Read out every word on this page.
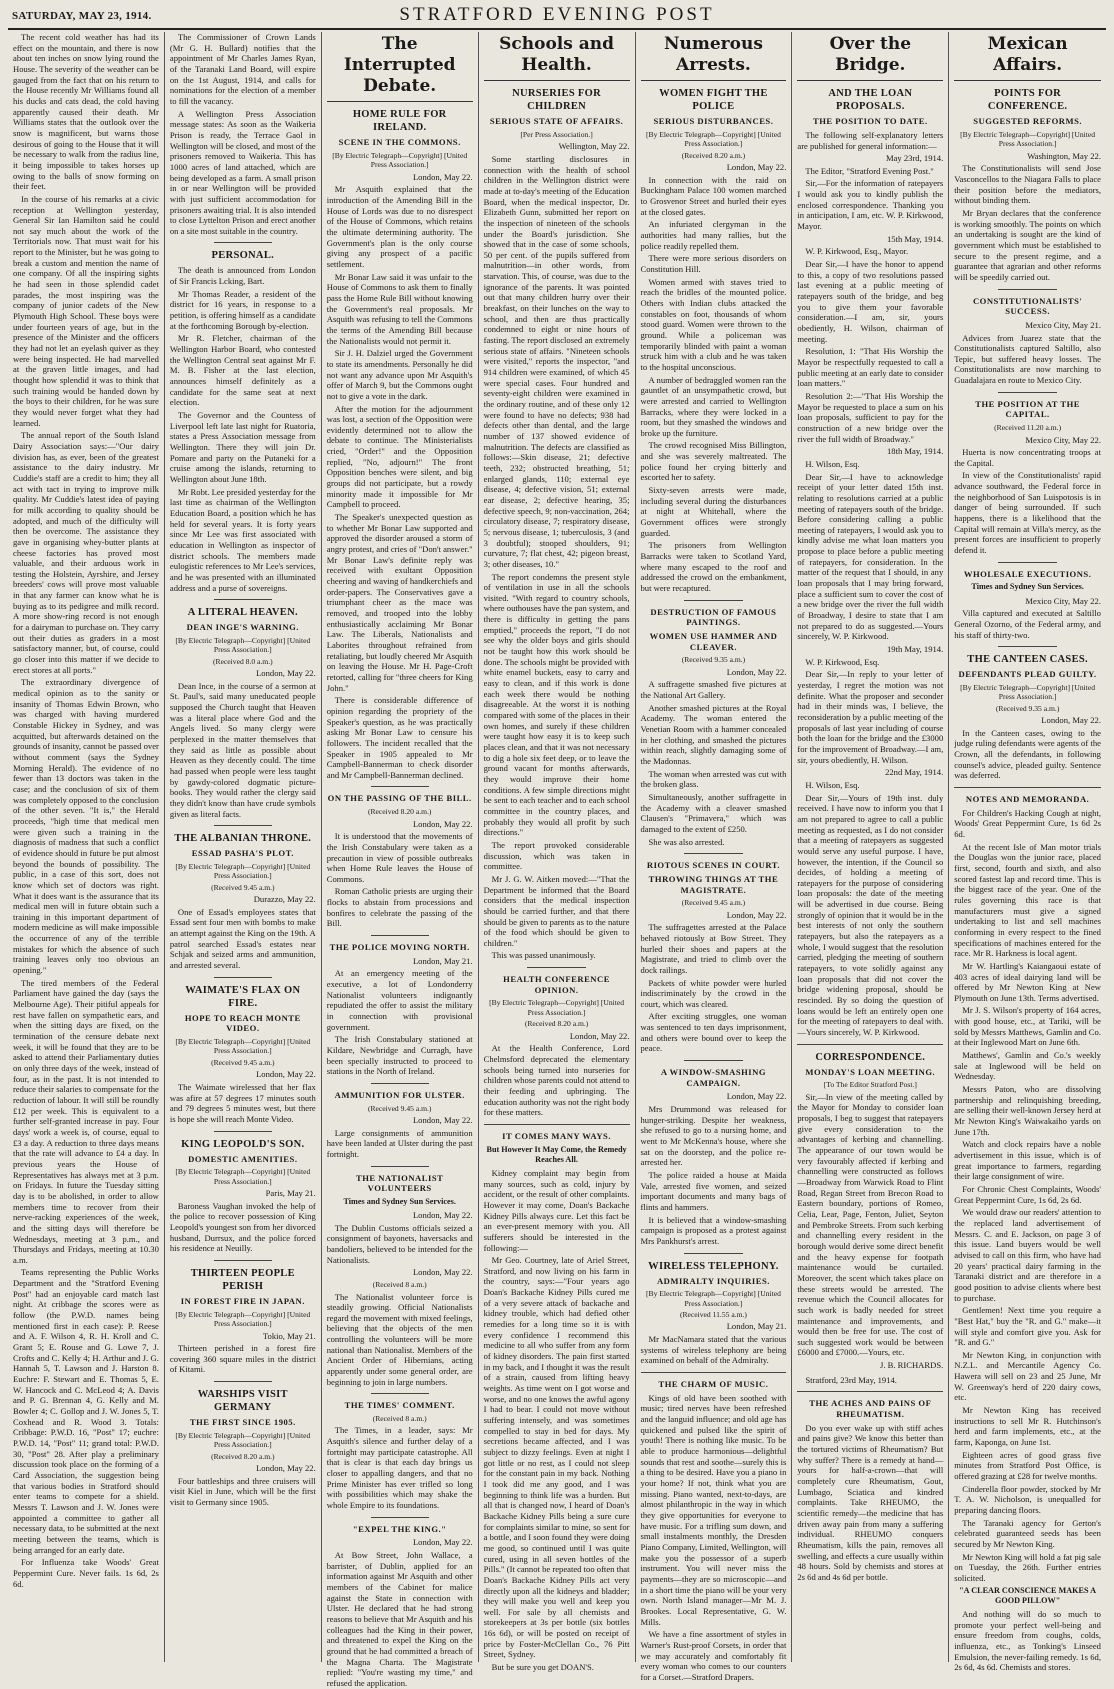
SATURDAY, MAY 23, 1914.	STRATFORD EVENING POST

The recent cold weather has had its effect on the mountain, and there is now about ten inches on snow lying round the House. The severity of the weather can be gauged from the fact that on his return to the House recently Mr Williams found all his ducks and cats dead, the cold having apparently caused their death. Mr Williams states that the outlook over the snow is magnificent, but warns those desirous of going to the House that it will be necessary to walk from the radius line, it being impossible to takes horses up owing to the balls of snow forming on their feet.

In the course of his remarks at a civic reception at Wellington yesterday, General Sir Ian Hamilton said he could not say much about the work of the Territorials now. That must wait for his report to the Minister, but he was going to break a custom and mention the name of one company. Of all the inspiring sights he had seen in those splendid cadet parades, the most inspiring was the company of junior cadets of the New Plymouth High School. These boys were under fourteen years of age, but in the presence of the Minister and the officers they had not let an eyelash quiver as they were being inspected. He had marvelled at the graven little images, and had thought how splendid it was to think that such training would be handed down by the boys to their children, for he was sure they would never forget what they had learned.

The annual report of the South Island Dairy Association says:—"Our dairy division has, as ever, been of the greatest assistance to the dairy industry. Mr Cuddie's staff are a credit to him; they all act with tact in trying to improve milk quality. Mr Cuddie's latest idea of paying for milk according to quality should be adopted, and much of the difficulty will then be overcome. The assistance they gave in organising whey-butter plants at cheese factories has proved most valuable, and their arduous work in testing the Holstein, Ayrshire, and Jersey breeders' cows will prove most valuable in that any farmer can know what he is buying as to its pedigree and milk record. A more show-ring record is not enough for a dairyman to purchase on. They carry out their duties as graders in a most satisfactory manner, but, of course, could go closer into this matter if we decide to erect stores at all ports."

The extraordinary divergence of medical opinion as to the sanity or insanity of Thomas Edwin Brown, who was charged with having murdered Constable Hickey in Sydney, and was acquitted, but afterwards detained on the grounds of insanity, cannot be passed over without comment (says the Sydney Morning Herald). The evidence of no fewer than 13 doctors was taken in the case; and the conclusion of six of them was completely opposed to the conclusion of the other seven. "It is," the Herald proceeds, "high time that medical men were given such a training in the diagnosis of madness that such a conflict of evidence should in future be put almost beyond the bounds of possibility. The public, in a case of this sort, does not know which set of doctors was right. What it does want is the assurance that its medical men will in future obtain such a training in this important department of modern medicine as will make impossible the occurrence of any of the terrible mistakes for which the absence of such training leaves only too obvious an opening."

The tired members of the Federal Parliament have gained the day (says the Melbourne Age). Their pitiful appeals for rest have fallen on sympathetic ears, and when the sitting days are fixed, on the termination of the censure debate next week, it will be found that they are to be asked to attend their Parliamentary duties on only three days of the week, instead of four, as in the past. It is not intended to reduce their salaries to compensate for the reduction of labour. It will still be roundly £12 per week. This is equivalent to a further self-granted increase in pay. Four days' work a week is, of course, equal to £3 a day. A reduction to three days means that the rate will advance to £4 a day. In previous years the House of Representatives has always met at 3 p.m. on Fridays. In future the Tuesday sitting day is to be abolished, in order to allow members time to recover from their nerve-racking experiences of the week, and the sitting days will therefore be Wednesdays, meeting at 3 p.m., and Thursdays and Fridays, meeting at 10.30 a.m.

Teams representing the Public Works Department and the "Stratford Evening Post" had an enjoyable card match last night. At cribbage the scores were as follow (the P.W.D. names being mentioned first in each case): P. Reese and A. F. Wilson 4, R. H. Kroll and C. Grant 5; E. Rouse and G. Lowe 7, J. Crofts and C. Kelly 4; H. Arthur and J. G. Hannah 5, T. Lawson and J. Harston 8. Euchre: F. Stewart and E. Thomas 5, E. W. Hancock and C. McLeod 4; A. Davis and P. G. Brennan 4, G. Kelly and M. Bowler 4; C. Gollop and J. W. Jones 5, T. Coxhead and R. Wood 3. Totals: Cribbage: P.W.D. 16, "Post" 17; euchre: P.W.D. 14, "Post" 11; grand total: P.W.D. 30, "Post" 28. After play a preliminary discussion took place on the forming of a Card Association, the suggestion being that various bodies in Stratford should enter teams to compete for a shield. Messrs T. Lawson and J. W. Jones were appointed a committee to gather all necessary data, to be submitted at the next meeting between the teams, which is being arranged for an early date.

For Influenza take Woods' Great Peppermint Cure. Never fails. 1s 6d, 2s 6d.

The Commissioner of Crown Lands (Mr G. H. Bullard) notifies that the appointment of Mr Charles James Ryan, of the Taranaki Land Board, will expire on the 1st August, 1914, and calls for nominations for the election of a member to fill the vacancy.

A Wellington Press Association message states: As soon as the Waikeria Prison is ready, the Terrace Gaol in Wellington will be closed, and most of the prisoners removed to Waikeria. This has 1000 acres of land attached, which are being developed as a farm. A small prison in or near Wellington will be provided with just sufficient accommodation for prisoners awaiting trial. It is also intended to close Lyttelton Prison and erect another on a site most suitable in the country.

PERSONAL.

The death is announced from London of Sir Francis Lcking, Bart.

Mr Thomas Reader, a resident of the district for 16 years, in response to a petition, is offering himself as a candidate at the forthcoming Borough by-election.

Mr R. Fletcher, chairman of the Wellington Harbor Board, who contested the Wellington Central seat against Mr F. M. B. Fisher at the last election, announces himself definitely as a candidate for the same seat at next election.

The Governor and the Countess of Liverpool left late last night for Ruatoria, states a Press Association message from Wellington. There they will join Dr. Pomare and party on the Putaneki for a cruise among the islands, returning to Wellington about June 18th.

Mr Robt. Lee presided yesterday for the last time as chairman of the Wellington Education Board, a position which he has held for several years. It is forty years since Mr Lee was first associated with education in Wellington as inspector of district schools. The members made eulogistic references to Mr Lee's services, and he was presented with an illuminated address and a purse of sovereigns.

A LITERAL HEAVEN.
DEAN INGE'S WARNING.
[By Electric Telegraph—Copyright] [United Press Association.]
(Received 8.0 a.m.)
London, May 22.

Dean Ince, in the course of a sermon at St. Paul's, said many uneducated people supposed the Church taught that Heaven was a literal place where God and the Angels lived. So many clergy were perplexed in the matter themselves that they said as little as possible about Heaven as they decently could. The time had passed when people were less taught by gawdy-colored dogmatic picture-books. They would rather the clergy said they didn't know than have crude symbols given as literal facts.

THE ALBANIAN THRONE.
ESSAD PASHA'S PLOT.
[By Electric Telegraph—Copyright] [United Press Association.]
(Received 9.45 a.m.)
Durazzo, May 22.

One of Essad's employees states that Essad sent four men with bombs to make an attempt against the King on the 19th. A patrol searched Essad's estates near Schjak and seized arms and ammunition, and arrested several.

WAIMATE'S FLAX ON FIRE.
HOPE TO REACH MONTE VIDEO.
[By Electric Telegraph—Copyright] [United Press Association.]
(Received 9.45 a.m.)
London, May 22.

The Waimate wirelessed that her flax was afire at 57 degrees 17 minutes south and 79 degrees 5 minutes west, but there is hope she will reach Monte Video.

KING LEOPOLD'S SON.
DOMESTIC AMENITIES.
[By Electric Telegraph—Copyright] [United Press Association.]
Paris, May 21.

Baroness Vaughan invoked the help of the police to recover possession of King Leopold's youngest son from her divorced husband, Durrsux, and the police forced his residence at Neuilly.

THIRTEEN PEOPLE PERISH
IN FOREST FIRE IN JAPAN.
[By Electric Telegraph—Copyright] [United Press Association.]
Tokio, May 21.

Thirteen perished in a forest fire covering 360 square miles in the district of Kitami.

WARSHIPS VISIT GERMANY
THE FIRST SINCE 1905.
[By Electric Telegraph—Copyright] [United Press Association.]
(Received 8.20 a.m.)
London, May 22.

Four battleships and three cruisers will visit Kiel in June, which will be the first visit to Germany since 1905.

The Interrupted Debate.
HOME RULE FOR IRELAND.
SCENE IN THE COMMONS.
[By Electric Telegraph—Copyright] [United Press Association.]
London, May 22.

Mr Asquith explained that the introduction of the Amending Bill in the House of Lords was due to no disrespect of the House of Commons, which retains the ultimate determining authority. The Government's plan is the only course giving any prospect of a pacific settlement.

Mr Bonar Law said it was unfair to the House of Commons to ask them to finally pass the Home Rule Bill without knowing the Government's real proposals. Mr Asquith was refusing to tell the Commons the terms of the Amending Bill because the Nationalists would not permit it.

Sir J. H. Dalziel urged the Government to state its amendments. Personally he did not want any advance upon Mr Asquith's offer of March 9, but the Commons ought not to give a vote in the dark.

After the motion for the adjournment was lost, a section of the Opposition were evidently determined not to allow the debate to continue. The Ministerialists cried, "Order!" and the Opposition replied, "No, adjourn!" The front Opposition benches were silent, and big groups did not participate, but a rowdy minority made it impossible for Mr Campbell to proceed.

The Speaker's unexpected question as to whether Mr Bonar Law supported and approved the disorder aroused a storm of angry protest, and cries of "Don't answer." Mr Bonar Law's definite reply was received with exultant Opposition cheering and waving of handkerchiefs and order-papers. The Conservatives gave a triumphant cheer as the mace was removed, and trooped into the lobby enthusiastically acclaiming Mr Bonar Law. The Liberals, Nationalists and Laborites throughout refrained from retaliating, but loudly cheered Mr Asquith on leaving the House. Mr H. Page-Croft retorted, calling for "three cheers for King John."

There is considerable difference of opinion regarding the propriety of the Speaker's question, as he was practically asking Mr Bonar Law to censure his followers. The incident recalled that the Speaker in 1905 appealed to Mr Campbell-Bannerman to check disorder and Mr Campbell-Bannerman declined.

ON THE PASSING OF THE BILL.
(Received 8.20 a.m.)
London, May 22.

It is understood that the movements of the Irish Constabulary were taken as a precaution in view of possible outbreaks when Home Rule leaves the House of Commons.

Roman Catholic priests are urging their flocks to abstain from processions and bonfires to celebrate the passing of the Bill.

THE POLICE MOVING NORTH.
London, May 21.

At an emergency meeting of the executive, a lot of Londonderry Nationalist volunteers indignantly repudiated the offer to assist the military in connection with provisional government.

The Irish Constabulary stationed at Kildare, Newbridge and Curragh, have been specially instructed to proceed to stations in the North of Ireland.

AMMUNITION FOR ULSTER.
(Received 9.45 a.m.)
London, May 22.

Large consignments of ammunition have been landed at Ulster during the past fortnight.

THE NATIONALIST VOLUNTEERS
Times and Sydney Sun Services.
London, May 22.

The Dublin Customs officials seized a consignment of bayonets, haversacks and bandoliers, believed to be intended for the Nationalists.

London, May 22.
(Received 8 a.m.)

The Nationalist volunteer force is steadily growing. Official Nationalists regard the movement with mixed feelings, believing that the objects of the men controlling the volunteers will be more national than Nationalist. Members of the Ancient Order of Hibernians, acting apparently under some general order, are beginning to join in large numbers.

THE TIMES' COMMENT.
(Received 8 a.m.)

The Times, in a leader, says: Mr Asquith's silence and further delay of a fortnight may participate catastrophe. All that is clear is that each day brings us closer to appalling dangers, and that no Prime Minister has ever trifled so long with possibilities which may shake the whole Empire to its foundations.

"EXPEL THE KING."
London, May 22.

At Bow Street, John Wallace, a barrister, of Dublin, applied for an information against Mr Asquith and other members of the Cabinet for malice against the State in connection with Ulster. He declared that he had strong reasons to believe that Mr Asquith and his colleagues had the King in their power, and threatened to expel the King on the ground that he had committed a breach of the Magna Charta. The Magistrate replied: "You're wasting my time," and refused the application.

Schools and Health.
NURSERIES FOR CHILDREN
SERIOUS STATE OF AFFAIRS.
[Per Press Association.]
Wellington, May 22.

Some startling disclosures in connection with the health of school children in the Wellington district were made at to-day's meeting of the Education Board, when the medical inspector, Dr. Elizabeth Gunn, submitted her report on the inspection of nineteen of the schools under the Board's jurisdiction. She showed that in the case of some schools, 50 per cent. of the pupils suffered from malnutrition—in other words, from starvation. This, of course, was due to the ignorance of the parents. It was pointed out that many children hurry over their breakfast, on their lunches on the way to school, and then are thus practically condemned to eight or nine hours of fasting. The report disclosed an extremely serious state of affairs. "Nineteen schools were visited," reports the inspector, "and 914 children were examined, of which 45 were special cases. Four hundred and seventy-eight children were examined in the ordinary routine, and of these only 12 were found to have no defects; 938 had defects other than dental, and the large number of 137 showed evidence of malnutrition. The defects are classified as follows:—Skin disease, 21; defective teeth, 232; obstructed breathing, 51; enlarged glands, 110; external eye disease, 4; defective vision, 51; external ear disease, 2; defective hearing, 35; defective speech, 9; non-vaccination, 264; circulatory disease, 7; respiratory disease, 5; nervous disease, 1; tuberculosis, 3 (and 3 doubtful); stooped shoulders, 91; curvature, 7; flat chest, 42; pigeon breast, 3; other diseases, 10."

The report condemns the present style of ventilation in use in all the schools visited. "With regard to country schools, where outhouses have the pan system, and there is difficulty in getting the pans emptied," proceeds the report, "I do not see why the older boys and girls should not be taught how this work should be done. The schools might be provided with white enamel buckets, easy to carry and easy to clean, and if this work is done each week there would be nothing disagreeable. At the worst it is nothing compared with some of the places in their own homes, and surely if these children were taught how easy it is to keep such places clean, and that it was not necessary to dig a hole six feet deep, or to leave the ground vacant for months afterwards, they would improve their home conditions. A few simple directions might be sent to each teacher and to each school committee in the country places, and probably they would all profit by such directions."

The report provoked considerable discussion, which was taken in committee.

Mr J. G. W. Aitken moved:—"That the Department be informed that the Board considers that the medical inspection should be carried further, and that there should be given to parents as to the nature of the food which should be given to children."

This was passed unanimously.

HEALTH CONFERENCE OPINION.
[By Electric Telegraph—Copyright] [United Press Association.]
(Received 8.20 a.m.)
London, May 22.

At the Health Conference, Lord Chelmsford deprecated the elementary schools being turned into nurseries for children whose parents could not attend to their feeding and upbringing. The education authority was not the right body for these matters.

IT COMES MANY WAYS.
But However It May Come, the Remedy Reaches All.

Kidney complaint may begin from many sources, such as cold, injury by accident, or the result of other complaints. However it may come, Doan's Backache Kidney Pills always cure. Let this fact be an ever-present memory with you. All sufferers should be interested in the following:—

Mr Geo. Courtney, late of Ariel Street, Stratford, and now living on his farm in the country, says:—"Four years ago Doan's Backache Kidney Pills cured me of a very severe attack of backache and kidney trouble, which had defied other remedies for a long time so it is with every confidence I recommend this medicine to all who suffer from any form of kidney disorders. The pain first started in my back, and I thought it was the result of a strain, caused from lifting heavy weights. As time went on I got worse and worse, and no one knows the awful agony I had to bear. I could not move without suffering intensely, and was sometimes compelled to stay in bed for days. My secretions became affected, and I was subject to dizzy feelings. Even at night I got little or no rest, as I could not sleep for the constant pain in my back. Nothing I took did me any good, and I was beginning to think life was a burden. But all that is changed now, I heard of Doan's Backache Kidney Pills being a sure cure for complaints similar to mine, so sent for a bottle, and I soon found they were doing me good, so continued until I was quite cured, using in all seven bottles of the Pills." (It cannot be repeated too often that Doan's Backache Kidney Pills act very directly upon all the kidneys and bladder; they will make you well and keep you well. For sale by all chemists and storekeepers at 3s per bottle (six bottles 16s 6d), or will be posted on receipt of price by Foster-McClellan Co., 76 Pitt Street, Sydney.

But be sure you get DOAN'S.

Numerous Arrests.
WOMEN FIGHT THE POLICE
SERIOUS DISTURBANCES.
[By Electric Telegraph—Copyright] [United Press Association.]
(Received 8.20 a.m.)
London, May 22.

In connection with the raid on Buckingham Palace 100 women marched to Grosvenor Street and hurled their eyes at the closed gates.

An infuriated clergyman in the authorities had many rallies, but the police readily repelled them.

There were more serious disorders on Constitution Hill.

Women armed with staves tried to reach the bridles of the mounted police. Others with Indian clubs attacked the constables on foot, thousands of whom stood guard. Women were thrown to the ground. While a policeman was temporarily blinded with paint a woman struck him with a club and he was taken to the hospital unconscious.

A number of bedraggled women ran the gauntlet of an unsympathetic crowd, but were arrested and carried to Wellington Barracks, where they were locked in a room, but they smashed the windows and broke up the furniture.

The crowd recognised Miss Billington, and she was severely maltreated. The police found her crying bitterly and escorted her to safety.

Sixty-seven arrests were made, including several during the disturbances at night at Whitehall, where the Government offices were strongly guarded.

The prisoners from Wellington Barracks were taken to Scotland Yard, where many escaped to the roof and addressed the crowd on the embankment, but were recaptured.

DESTRUCTION OF FAMOUS PAINTINGS.
WOMEN USE HAMMER AND CLEAVER.
(Received 9.35 a.m.)
London, May 22.

A suffragette smashed five pictures at the National Art Gallery.

Another smashed pictures at the Royal Academy. The woman entered the Venetian Room with a hammer concealed in her clothing, and smashed the pictures within reach, slightly damaging some of the Madonnas.

The woman when arrested was cut with the broken glass.

Simultaneously, another suffragette in the Academy with a cleaver smashed Clausen's "Primavera," which was damaged to the extent of £250.

She was also arrested.

RIOTOUS SCENES IN COURT.
THROWING THINGS AT THE MAGISTRATE.
(Received 9.45 a.m.)
London, May 22.

The suffragettes arrested at the Palace behaved riotously at Bow Street. They hurled their shoes and papers at the Magistrate, and tried to climb over the dock railings.

Packets of white powder were hurled indiscriminately by the crowd in the court, which was cleared.

After exciting struggles, one woman was sentenced to ten days imprisonment, and others were bound over to keep the peace.

A WINDOW-SMASHING CAMPAIGN.
London, May 22.

Mrs Drummond was released for hunger-striking. Despite her weakness, she refused to go to a nursing home, and went to Mr McKenna's house, where she sat on the doorstep, and the police re-arrested her.

The police raided a house at Maida Vale, arrested five women, and seized important documents and many bags of flints and hammers.

It is believed that a window-smashing campaign is proposed as a protest against Mrs Pankhurst's arrest.

WIRELESS TELEPHONY.
ADMIRALTY INQUIRIES.
[By Electric Telegraph—Copyright] [United Press Association.]
(Received 11.55 a.m.)
London, May 21.

Mr MacNamara stated that the various systems of wireless telephony are being examined on behalf of the Admiralty.

THE CHARM OF MUSIC.

Kings of old have been soothed with music; tired nerves have been refreshed and the languid influence; and old age has quickened and pulsed like the spirit of youth! There is nothing like music. To be able to produce harmonious—delightful sounds that rest and soothe—surely this is a thing to be desired. Have you a piano in your home? If not, think what you are missing. Piano wanted, next-to-days, are almost philanthropic in the way in which they give opportunities for everyone to have music. For a trifling sum down, and small instalments monthly, the Dresden Piano Company, Limited, Wellington, will make you the possessor of a superb instrument. You will never miss the payments—they are so microscopic—and in a short time the piano will be your very own. North Island manager—Mr M. J. Brookes. Local Representative, G. W. Mills.

We have a fine assortment of styles in Warner's Rust-proof Corsets, in order that we may accurately and comfortably fit every woman who comes to our counters for a Corset.—Stratford Drapers.

Over the Bridge.
AND THE LOAN PROPOSALS.
THE POSITION TO DATE.

The following self-explanatory letters are published for general information:—

May 23rd, 1914.

The Editor, "Stratford Evening Post."

Sir,—For the information of ratepayers I would ask you to kindly publish the enclosed correspondence. Thanking you in anticipation, I am, etc. W. P. Kirkwood, Mayor.

15th May, 1914.

W. P. Kirkwood, Esq., Mayor.

Dear Sir,—I have the honor to append to this, a copy of two resolutions passed last evening at a public meeting of ratepayers south of the bridge, and beg you to give them your favorable consideration.—I am, sir, yours obediently, H. Wilson, chairman of meeting.

Resolution, 1: "That His Worship the Mayor be respectfully requested to call a public meeting at an early date to consider loan matters."

Resolution 2:—"That His Worship the Mayor be requested to place a sum on his loan proposals, sufficient to pay for the construction of a new bridge over the river the full width of Broadway."

18th May, 1914.

H. Wilson, Esq.

Dear Sir,—I have to acknowledge receipt of your letter dated 15th inst. relating to resolutions carried at a public meeting of ratepayers south of the bridge. Before considering calling a public meeting of ratepayers, I would ask you to kindly advise me what loan matters you propose to place before a public meeting of ratepayers, for consideration. In the matter of the request that I should, in any loan proposals that I may bring forward, place a sufficient sum to cover the cost of a new bridge over the river the full width of Broadway, I desire to state that I am not prepared to do as suggested.—Yours sincerely, W. P. Kirkwood.

19th May, 1914.

W. P. Kirkwood, Esq.

Dear Sir,—In reply to your letter of yesterday, I regret the motion was not definite. What the proposer and seconder had in their minds was, I believe, the reconsideration by a public meeting of the proposals of last year including of course both the loan for the bridge and the £3000 for the improvement of Broadway.—I am, sir, yours obediently, H. Wilson.

22nd May, 1914.

H. Wilson, Esq.

Dear Sir,—Yours of 19th inst. duly received. I have now to inform you that I am not prepared to agree to call a public meeting as requested, as I do not consider that a meeting of ratepayers as suggested would serve any useful purpose. I have, however, the intention, if the Council so decides, of holding a meeting of ratepayers for the purpose of considering loan proposals: the date of the meeting will be advertised in due course. Being strongly of opinion that it would be in the best interests of not only the southern ratepayers, but also the ratepayers as a whole, I would suggest that the resolution carried, pledging the meeting of southern ratepayers, to vote solidly against any loan proposals that did not cover the bridge widening proposal, should be rescinded. By so doing the question of loans would be left an entirely open one for the meeting of ratepayers to deal with.—Yours sincerely, W. P. Kirkwood.

CORRESPONDENCE.
MONDAY'S LOAN MEETING.
[To The Editor Stratford Post.]

Sir,—In view of the meeting called by the Mayor for Monday to consider loan proposals, I beg to suggest that ratepayers give every consideration to the advantages of kerbing and channelling. The appearance of our town would be very favourably affected if kerbing and channelling were constructed as follows—Broadway from Warwick Road to Flint Road, Regan Street from Brecon Road to Eastern boundary, portions of Romeo, Celia, Lear, Page, Fenton, Juliet, Seyton and Pembroke Streets. From such kerbing and channelling every resident in the borough would derive some direct benefit and the heavy expense for footpath maintenance would be curtailed. Moreover, the scent which takes place on these streets would be arrested. The revenue which the Council allocates for such work is badly needed for street maintenance and improvements, and would then be free for use. The cost of such suggested work would be between £6000 and £7000.—Yours, etc.

J. B. RICHARDS.

Stratford, 23rd May, 1914.

THE ACHES AND PAINS OF RHEUMATISM.

Do you ever wake up with stiff aches and pains give? We know this better than the tortured victims of Rheumatism? But why suffer? There is a remedy at hand—yours for half-a-crown—that will completely cure Rheumatism, Gout, Lumbago, Sciatica and kindred complaints. Take RHEUMO, the scientific remedy—the medicine that has driven away pain from many a suffering individual. RHEUMO conquers Rheumatism, kills the pain, removes all swelling, and effects a cure usually within 48 hours. Sold by chemists and stores at 2s 6d and 4s 6d per bottle.

Mexican Affairs.
POINTS FOR CONFERENCE.
SUGGESTED REFORMS.
[By Electric Telegraph—Copyright] [United Press Association.]
Washington, May 22.

The Constitutionalists will send Jose Vasconcellos to the Niagara Falls to place their position before the mediators, without binding them.

Mr Bryan declares that the conference is working smoothly. The points on which an undertaking is sought are the kind of government which must be established to secure to the present regime, and a guarantee that agrarian and other reforms will be speedily carried out.

CONSTITUTIONALISTS' SUCCESS.
Mexico City, May 21.

Advices from Juarez state that the Constitutionalists captured Saltillo, also Tepic, but suffered heavy losses. The Constitutionalists are now marching to Guadalajara en route to Mexico City.

THE POSITION AT THE CAPITAL.
(Received 11.20 a.m.)
Mexico City, May 22.

Huerta is now concentrating troops at the Capital.

In view of the Constitutionalists' rapid advance southward, the Federal force in the neighborhood of San Luispotosis is in danger of being surrounded. If such happens, there is a likelihood that the Capital will remain at Villa's mercy, as the present forces are insufficient to properly defend it.

WHOLESALE EXECUTIONS.
Times and Sydney Sun Services.
Mexico City, May 22.

Villa captured and executed at Saltillo General Ozorno, of the Federal army, and his staff of thirty-two.

THE CANTEEN CASES.
DEFENDANTS PLEAD GUILTY.
[By Electric Telegraph—Copyright] [United Press Association.]
(Received 9.35 a.m.)
London, May 22.

In the Canteen cases, owing to the judge ruling defendants were agents of the Crown, all the defendants, in following counsel's advice, pleaded guilty. Sentence was deferred.

NOTES AND MEMORANDA.

For Children's Hacking Cough at night, Woods' Great Peppermint Cure, 1s 6d 2s 6d.

At the recent Isle of Man motor trials the Douglas won the junior race, placed first, second, fourth and sixth, and also scored fastest lap and record time. This is the biggest race of the year. One of the rules governing this race is that manufacturers must give a signed undertaking to list and sell machines conforming in every respect to the fined specifications of machines entered for the race. Mr R. Harkness is local agent.

Mr W. Hartling's Kaiangaoui estate of 403 acres of ideal dairying land will be offered by Mr Newton King at New Plymouth on June 13th. Terms advertised.

Mr J. S. Wilson's property of 164 acres, with good house, etc., at Tariki, will be sold by Messrs Matthews, Gamlin and Co. at their Inglewood Mart on June 6th.

Matthews', Gamlin and Co.'s weekly sale at Inglewood will be held on Wednesday.

Messrs Paton, who are dissolving partnership and relinquishing breeding, are selling their well-known Jersey herd at Mr Newton King's Waiwakaiho yards on June 17th.

Watch and clock repairs have a noble advertisement in this issue, which is of great importance to farmers, regarding their large consignment of wire.

For Chronic Chest Complaints, Woods' Great Peppermint Cure, 1s 6d, 2s 6d.

We would draw our readers' attention to the replaced land advertisement of Messrs. C. and E. Jackson, on page 3 of this issue. Land buyers would be well advised to call on this firm, who have had 20 years' practical dairy farming in the Taranaki district and are therefore in a good position to advise clients where best to purchase.

Gentlemen! Next time you require a "Best Hat," buy the "R. and G." make—it will style and comfort give you. Ask for "R. and G."

Mr Newton King, in conjunction with N.Z.L. and Mercantile Agency Co. Hawera will sell on 23 and 25 June, Mr W. Greenway's herd of 220 dairy cows, etc.

Mr Newton King has received instructions to sell Mr R. Hutchinson's herd and farm implements, etc., at the farm, Kaponga, on June 1st.

Eighteen acres of good grass five minutes from Stratford Post Office, is offered grazing at £28 for twelve months.

Cinderella floor powder, stocked by Mr T. A. W. Nicholson, is unequalled for preparing dancing floors.

The Taranaki agency for Gerton's celebrated guaranteed seeds has been secured by Mr Newton King.

Mr Newton King will hold a fat pig sale on Tuesday, the 26th. Further entries solicited.

"A CLEAR CONSCIENCE MAKES A GOOD PILLOW"

And nothing will do so much to promote your perfect well-being and ensure freedom from coughs, colds, influenza, etc., as Tonking's Linseed Emulsion, the never-failing remedy. 1s 6d, 2s 6d, 4s 6d. Chemists and stores.
